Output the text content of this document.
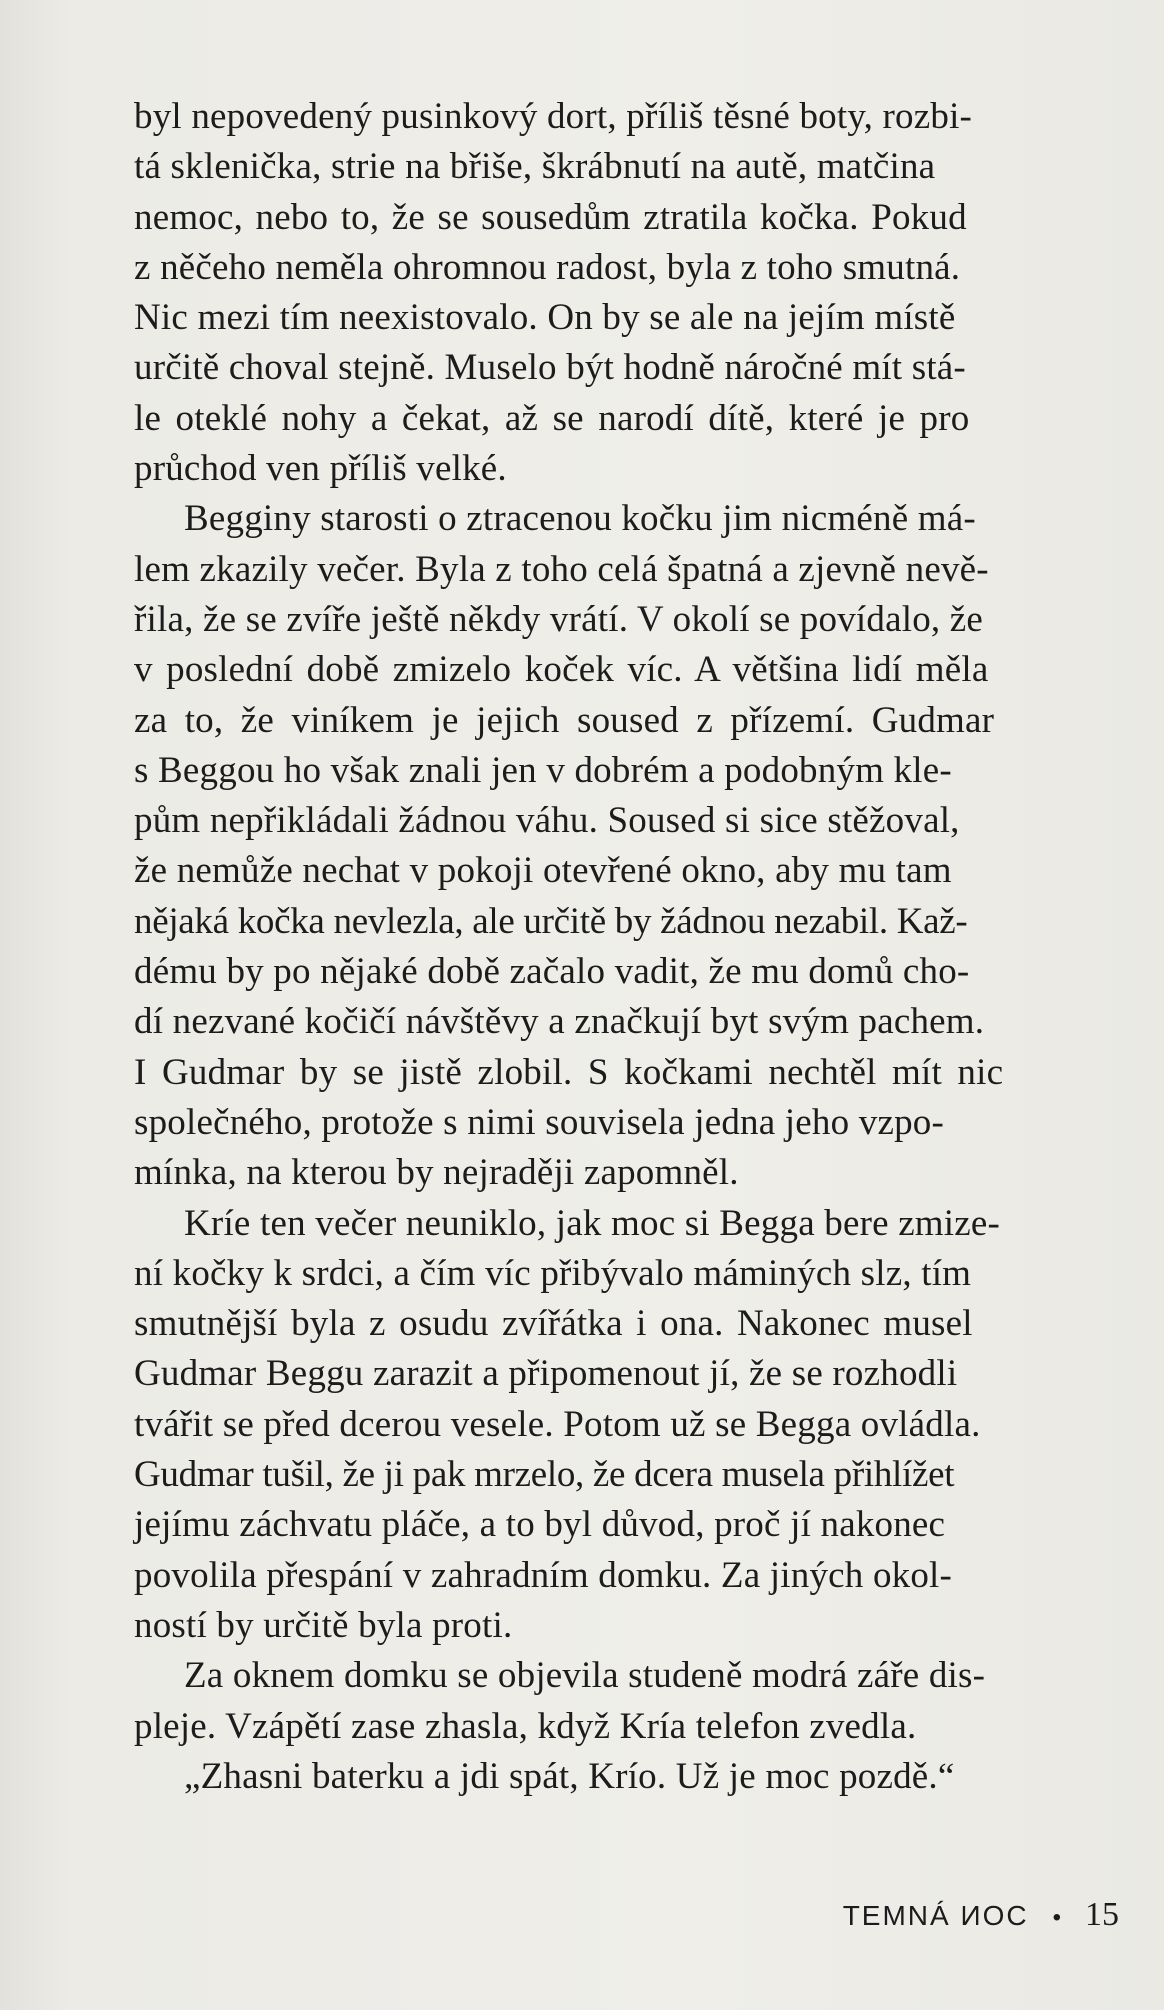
byl nepovedený pusinkový dort, příliš těsné boty, rozbi-
tá sklenička, strie na břiše, škrábnutí na autě, matčina
nemoc, nebo to, že se sousedům ztratila kočka. Pokud
z něčeho neměla ohromnou radost, byla z toho smutná.
Nic mezi tím neexistovalo. On by se ale na jejím místě
určitě choval stejně. Muselo být hodně náročné mít stá-
le oteklé nohy a čekat, až se narodí dítě, které je pro
průchod ven příliš velké.
Begginy starosti o ztracenou kočku jim nicméně má-
lem zkazily večer. Byla z toho celá špatná a zjevně nevě-
řila, že se zvíře ještě někdy vrátí. V okolí se povídalo, že
v poslední době zmizelo koček víc. A většina lidí měla
za to, že viníkem je jejich soused z přízemí. Gudmar
s Beggou ho však znali jen v dobrém a podobným kle-
pům nepřikládali žádnou váhu. Soused si sice stěžoval,
že nemůže nechat v pokoji otevřené okno, aby mu tam
nějaká kočka nevlezla, ale určitě by žádnou nezabil. Kaž-
dému by po nějaké době začalo vadit, že mu domů cho-
dí nezvané kočičí návštěvy a značkují byt svým pachem.
I Gudmar by se jistě zlobil. S kočkami nechtěl mít nic
společného, protože s nimi souvisela jedna jeho vzpo-
mínka, na kterou by nejraději zapomněl.
Kríe ten večer neuniklo, jak moc si Begga bere zmize-
ní kočky k srdci, a čím víc přibývalo máminých slz, tím
smutnější byla z osudu zvířátka i ona. Nakonec musel
Gudmar Beggu zarazit a připomenout jí, že se rozhodli
tvářit se před dcerou vesele. Potom už se Begga ovládla.
Gudmar tušil, že ji pak mrzelo, že dcera musela přihlížet
jejímu záchvatu pláče, a to byl důvod, proč jí nakonec
povolila přespání v zahradním domku. Za jiných okol-
ností by určitě byla proti.
Za oknem domku se objevila studeně modrá záře dis-
pleje. Vzápětí zase zhasla, když Kría telefon zvedla.
„Zhasni baterku a jdi spát, Krío. Už je moc pozdě.“
TEMNÁ ИОС • 15
